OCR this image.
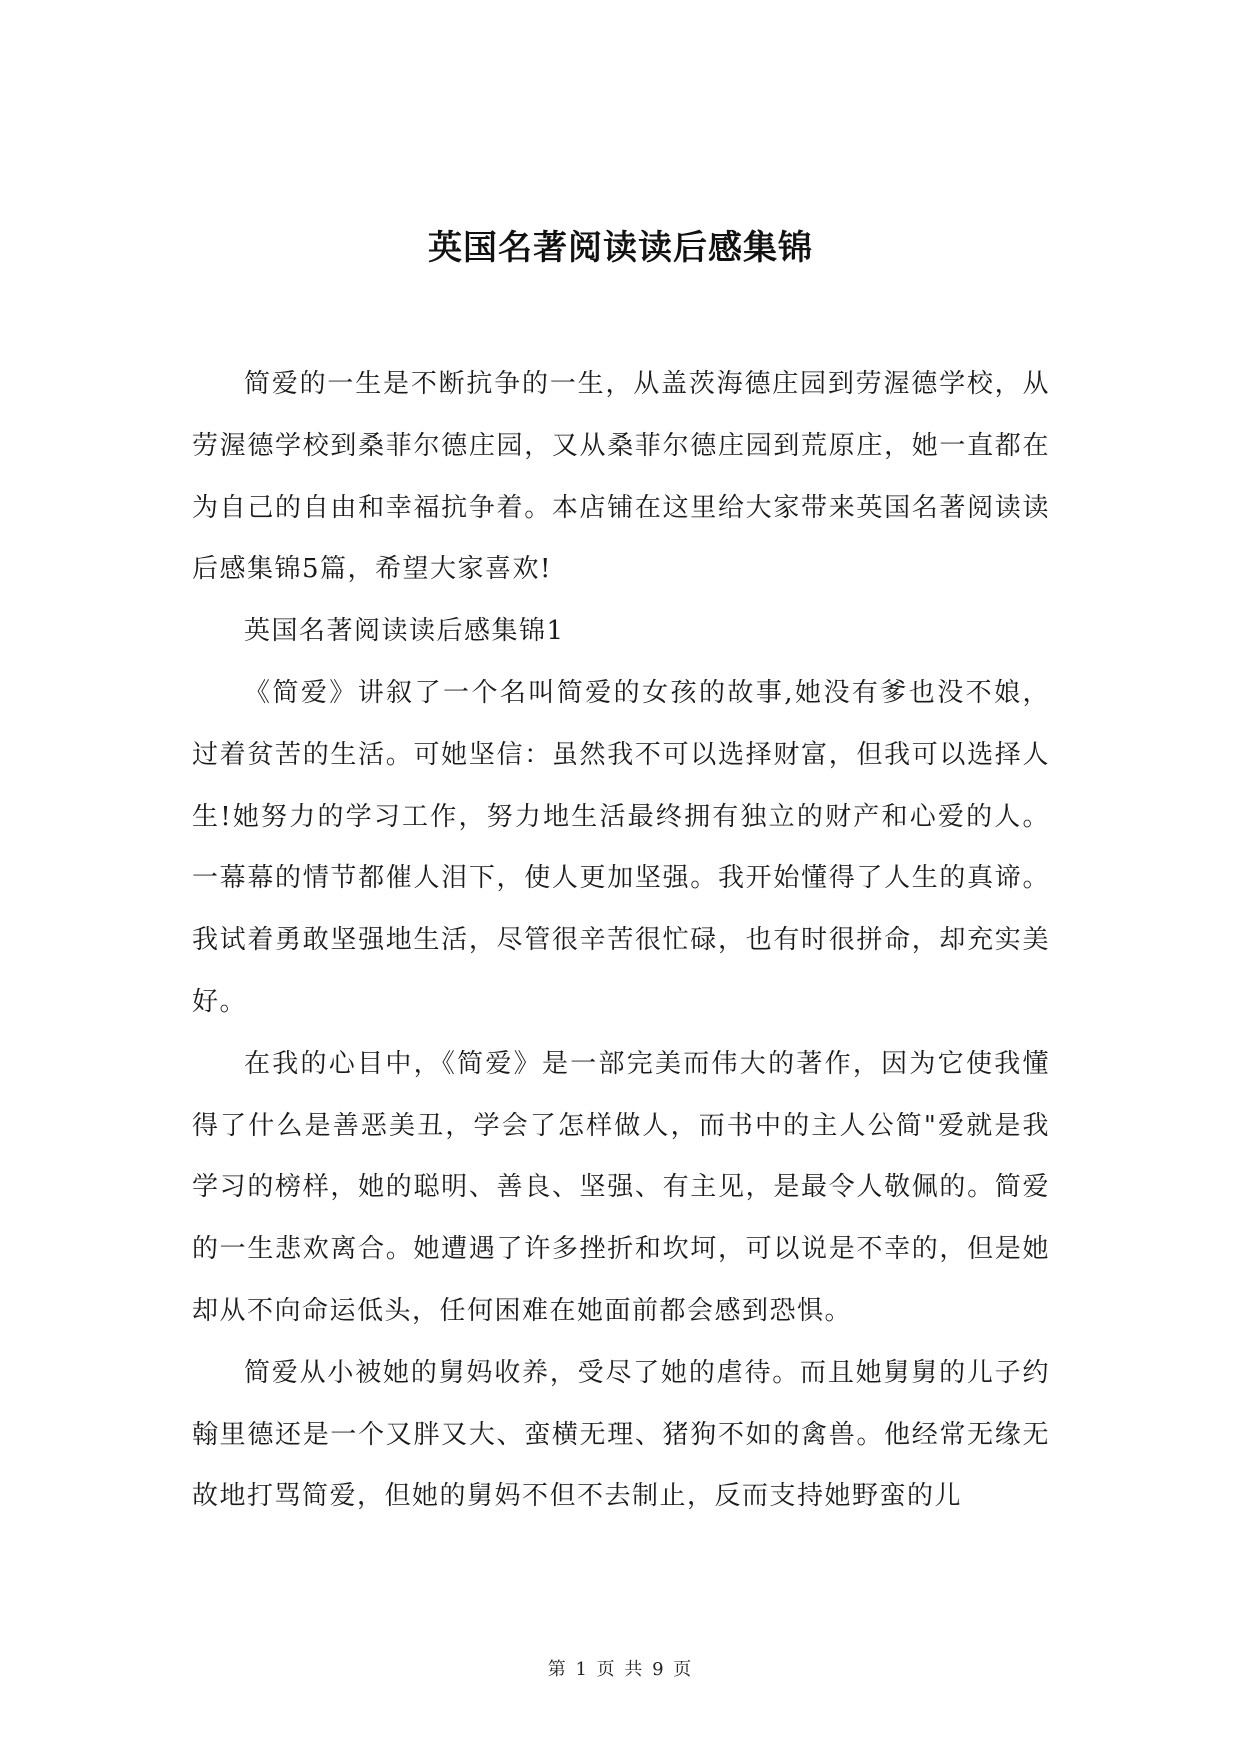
英国名著阅读读后感集锦

简爱的一生是不断抗争的一生，从盖茨海德庄园到劳渥德学校，从劳渥德学校到桑菲尔德庄园，又从桑菲尔德庄园到荒原庄，她一直都在为自己的自由和幸福抗争着。本店铺在这里给大家带来英国名著阅读读后感集锦5篇，希望大家喜欢!

英国名著阅读读后感集锦1

《简爱》讲叙了一个名叫简爱的女孩的故事,她没有爹也没不娘，过着贫苦的生活。可她坚信：虽然我不可以选择财富，但我可以选择人生!她努力的学习工作，努力地生活最终拥有独立的财产和心爱的人。一幕幕的情节都催人泪下，使人更加坚强。我开始懂得了人生的真谛。我试着勇敢坚强地生活，尽管很辛苦很忙碌，也有时很拼命，却充实美好。

在我的心目中，《简爱》是一部完美而伟大的著作，因为它使我懂得了什么是善恶美丑，学会了怎样做人，而书中的主人公简"爱就是我学习的榜样，她的聪明、善良、坚强、有主见，是最令人敬佩的。简爱的一生悲欢离合。她遭遇了许多挫折和坎坷，可以说是不幸的，但是她却从不向命运低头，任何困难在她面前都会感到恐惧。

简爱从小被她的舅妈收养，受尽了她的虐待。而且她舅舅的儿子约翰里德还是一个又胖又大、蛮横无理、猪狗不如的禽兽。他经常无缘无故地打骂简爱，但她的舅妈不但不去制止，反而支持她野蛮的儿

第 1 页 共 9 页
